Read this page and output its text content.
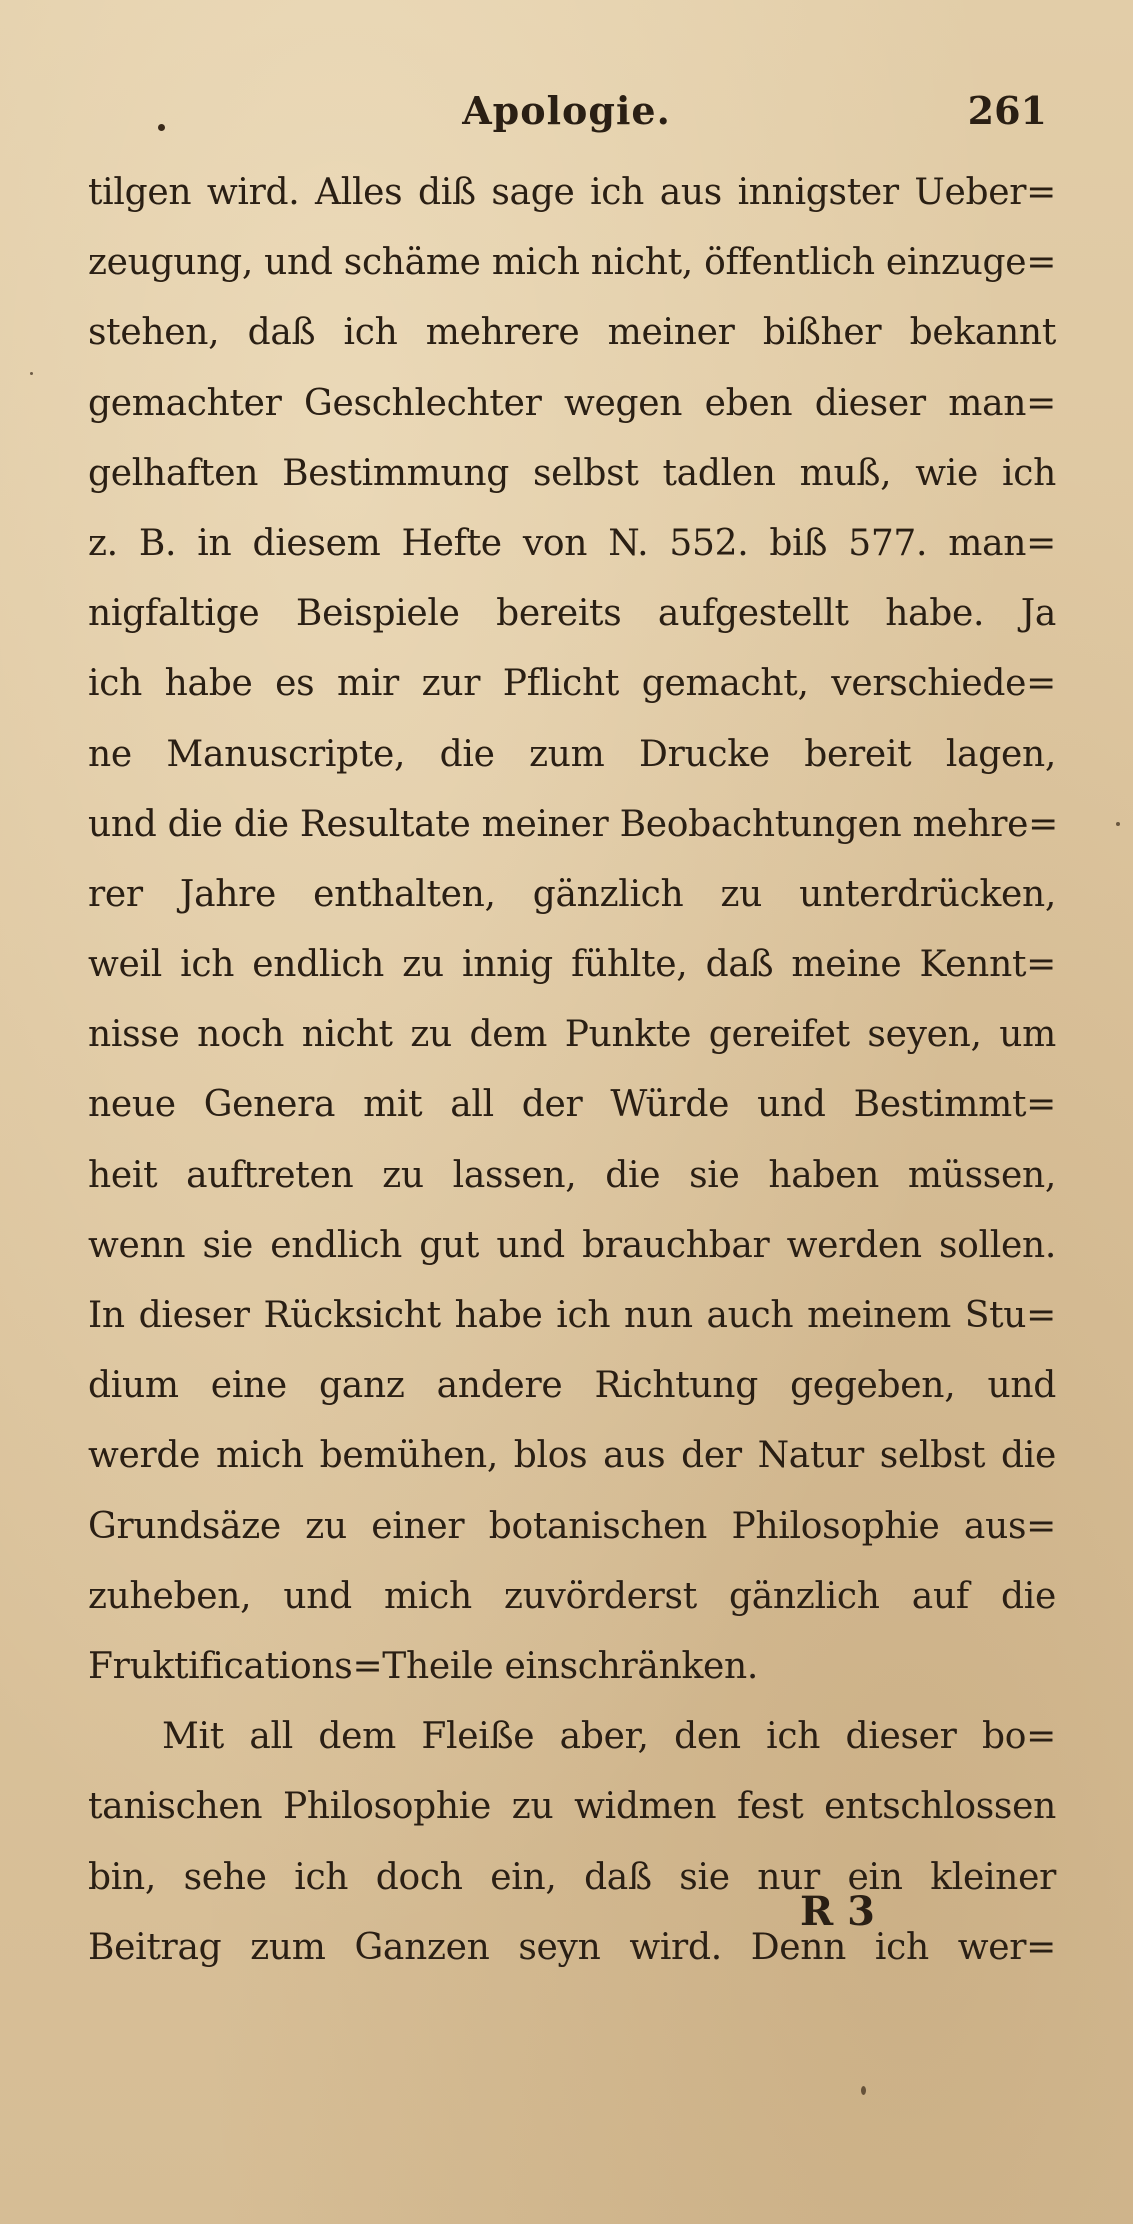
Apologie.	261
tilgen wird. Alles diß sage ich aus innigster Ueber=
zeugung, und schäme mich nicht, öffentlich einzuge=
stehen, daß ich mehrere meiner bißher bekannt
gemachter Geschlechter wegen eben dieser man=
gelhaften Bestimmung selbst tadlen muß, wie ich
z. B. in diesem Hefte von N. 552. biß 577. man=
nigfaltige Beispiele bereits aufgestellt habe. Ja
ich habe es mir zur Pflicht gemacht, verschiede=
ne Manuscripte, die zum Drucke bereit lagen,
und die die Resultate meiner Beobachtungen mehre=
rer Jahre enthalten, gänzlich zu unterdrücken,
weil ich endlich zu innig fühlte, daß meine Kennt=
nisse noch nicht zu dem Punkte gereifet seyen, um
neue Genera mit all der Würde und Bestimmt=
heit auftreten zu lassen, die sie haben müssen,
wenn sie endlich gut und brauchbar werden sollen.
In dieser Rücksicht habe ich nun auch meinem Stu=
dium eine ganz andere Richtung gegeben, und
werde mich bemühen, blos aus der Natur selbst die
Grundsäze zu einer botanischen Philosophie aus=
zuheben, und mich zuvörderst gänzlich auf die
Fruktifications=Theile einschränken.
Mit all dem Fleiße aber, den ich dieser bo=
tanischen Philosophie zu widmen fest entschlossen
bin, sehe ich doch ein, daß sie nur ein kleiner
Beitrag zum Ganzen seyn wird. Denn ich wer=
R 3
